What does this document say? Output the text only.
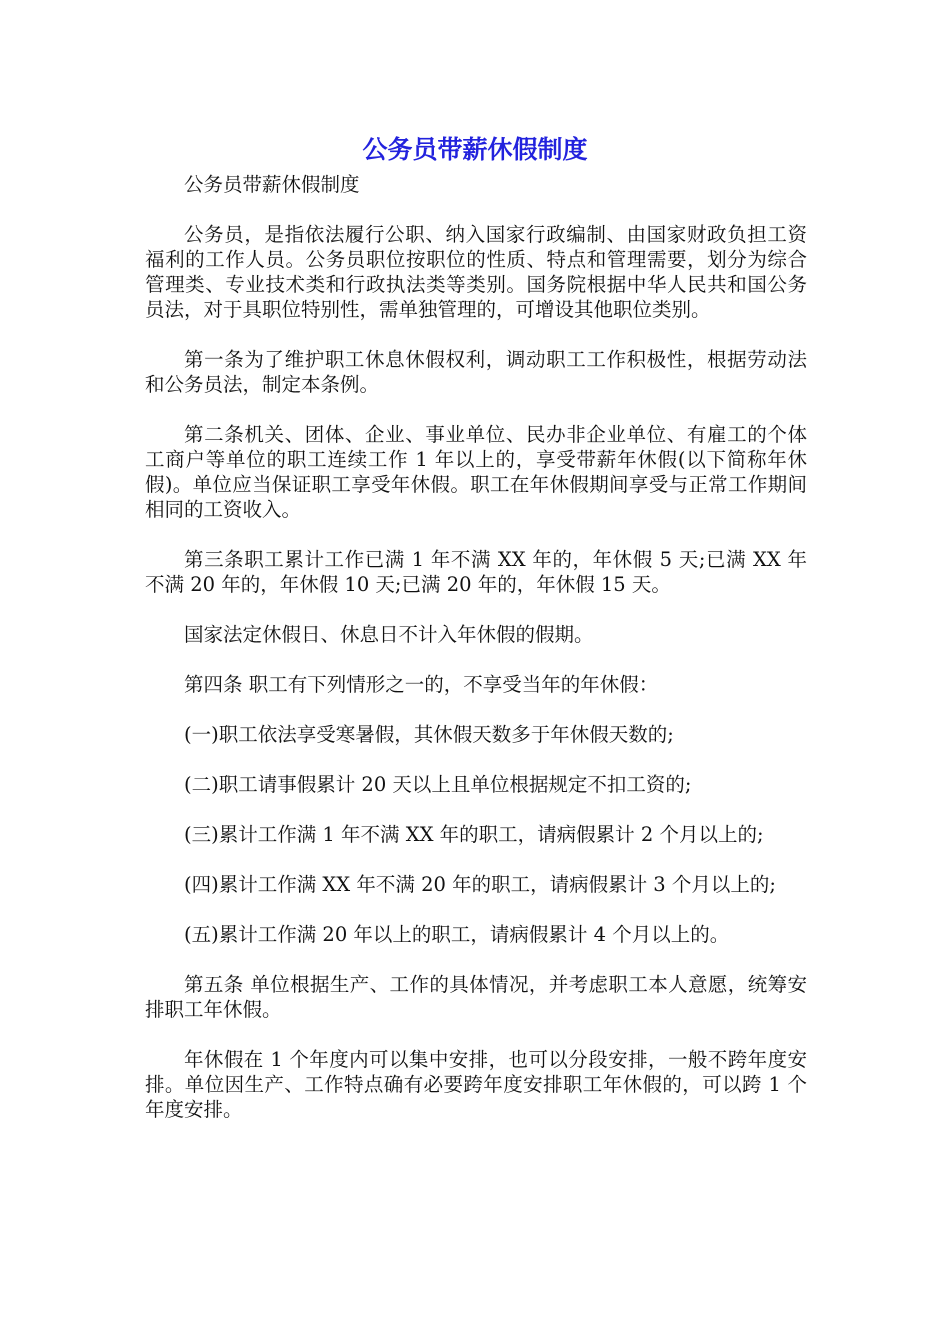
公务员带薪休假制度

公务员带薪休假制度

公务员，是指依法履行公职、纳入国家行政编制、由国家财政负担工资福利的工作人员。公务员职位按职位的性质、特点和管理需要，划分为综合管理类、专业技术类和行政执法类等类别。国务院根据中华人民共和国公务员法，对于具职位特别性，需单独管理的，可增设其他职位类别。

第一条为了维护职工休息休假权利，调动职工工作积极性，根据劳动法和公务员法，制定本条例。

第二条机关、团体、企业、事业单位、民办非企业单位、有雇工的个体工商户等单位的职工连续工作 1 年以上的，享受带薪年休假(以下简称年休假)。单位应当保证职工享受年休假。职工在年休假期间享受与正常工作期间相同的工资收入。

第三条职工累计工作已满 1 年不满 XX 年的，年休假 5 天;已满 XX 年不满 20 年的，年休假 10 天;已满 20 年的，年休假 15 天。

国家法定休假日、休息日不计入年休假的假期。

第四条 职工有下列情形之一的，不享受当年的年休假：

(一)职工依法享受寒暑假，其休假天数多于年休假天数的;

(二)职工请事假累计 20 天以上且单位根据规定不扣工资的;

(三)累计工作满 1 年不满 XX 年的职工，请病假累计 2 个月以上的;

(四)累计工作满 XX 年不满 20 年的职工，请病假累计 3 个月以上的;

(五)累计工作满 20 年以上的职工，请病假累计 4 个月以上的。

第五条 单位根据生产、工作的具体情况，并考虑职工本人意愿，统筹安排职工年休假。

年休假在 1 个年度内可以集中安排，也可以分段安排，一般不跨年度安排。单位因生产、工作特点确有必要跨年度安排职工年休假的，可以跨 1 个年度安排。
